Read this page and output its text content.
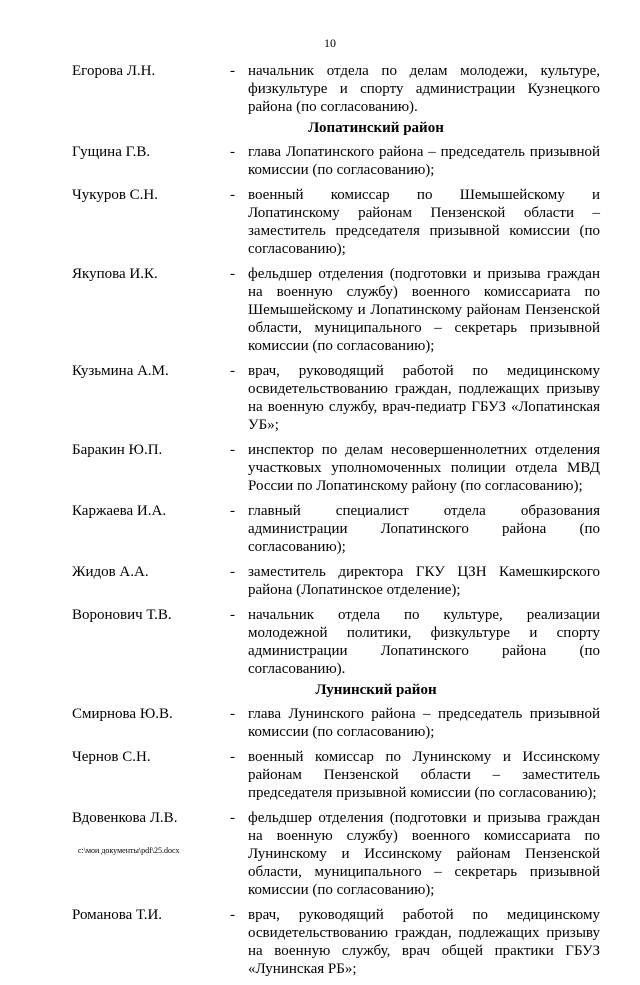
10
Егорова Л.Н.	- начальник отдела по делам молодежи, культуре, физкультуре и спорту администрации Кузнецкого района (по согласованию).
Лопатинский район
Гущина Г.В.	- глава Лопатинского района – председатель призывной комиссии (по согласованию);
Чукуров С.Н.	- военный комиссар по Шемышейскому и Лопатинскому районам Пензенской области – заместитель председателя призывной комиссии (по согласованию);
Якупова И.К.	- фельдшер отделения (подготовки и призыва граждан на военную службу) военного комиссариата по Шемышейскому и Лопатинскому районам Пензенской области, муниципального – секретарь призывной комиссии (по согласованию);
Кузьмина А.М.	- врач, руководящий работой по медицинскому освидетельствованию граждан, подлежащих призыву на военную службу, врач-педиатр ГБУЗ «Лопатинская УБ»;
Баракин Ю.П.	- инспектор по делам несовершеннолетних отделения участковых уполномоченных полиции отдела МВД России по Лопатинскому району (по согласованию);
Каржаева И.А.	- главный специалист отдела образования администрации Лопатинского района (по согласованию);
Жидов А.А.	- заместитель директора ГКУ ЦЗН Камешкирского района (Лопатинское отделение);
Воронович Т.В.	- начальник отдела по культуре, реализации молодежной политики, физкультуре и спорту администрации Лопатинского района (по согласованию).
Лунинский район
Смирнова Ю.В.	- глава Лунинского района – председатель призывной комиссии (по согласованию);
Чернов С.Н.	- военный комиссар по Лунинскому и Иссинскому районам Пензенской области – заместитель председателя призывной комиссии (по согласованию);
Вдовенкова Л.В.	- фельдшер отделения (подготовки и призыва граждан на военную службу) военного комиссариата по Лунинскому и Иссинскому районам Пензенской области, муниципального – секретарь призывной комиссии (по согласованию);
Романова Т.И.	- врач, руководящий работой по медицинскому освидетельствованию граждан, подлежащих призыву на военную службу, врач общей практики ГБУЗ «Лунинская РБ»;
c:\мои документы\pdf\25.docx
